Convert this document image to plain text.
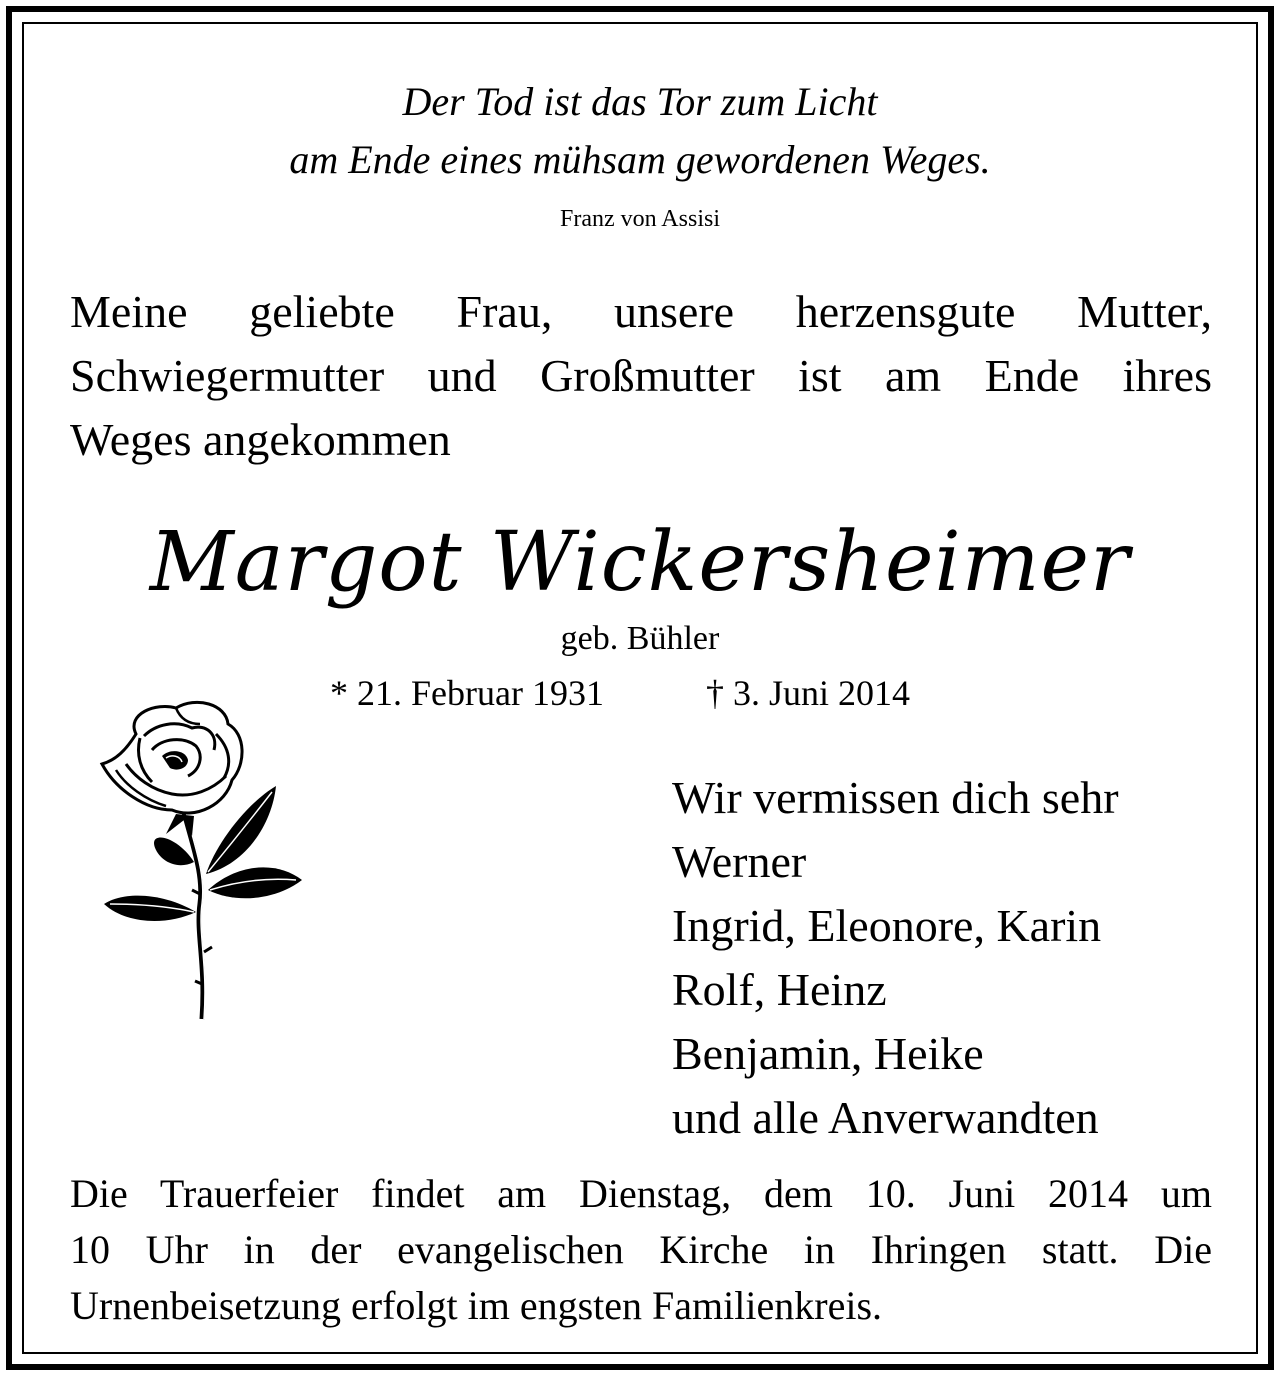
Der Tod ist das Tor zum Licht
am Ende eines mühsam gewordenen Weges.
Franz von Assisi
Meine geliebte Frau, unsere herzensgute Mutter,
Schwiegermutter und Großmutter ist am Ende ihres
Weges angekommen
Margot Wickersheimer
geb. Bühler
* 21. Februar 1931	† 3. Juni 2014
Wir vermissen dich sehr
Werner
Ingrid, Eleonore, Karin
Rolf, Heinz
Benjamin, Heike
und alle Anverwandten
Die Trauerfeier findet am Dienstag, dem 10. Juni 2014 um
10 Uhr in der evangelischen Kirche in Ihringen statt. Die
Urnenbeisetzung erfolgt im engsten Familienkreis.
